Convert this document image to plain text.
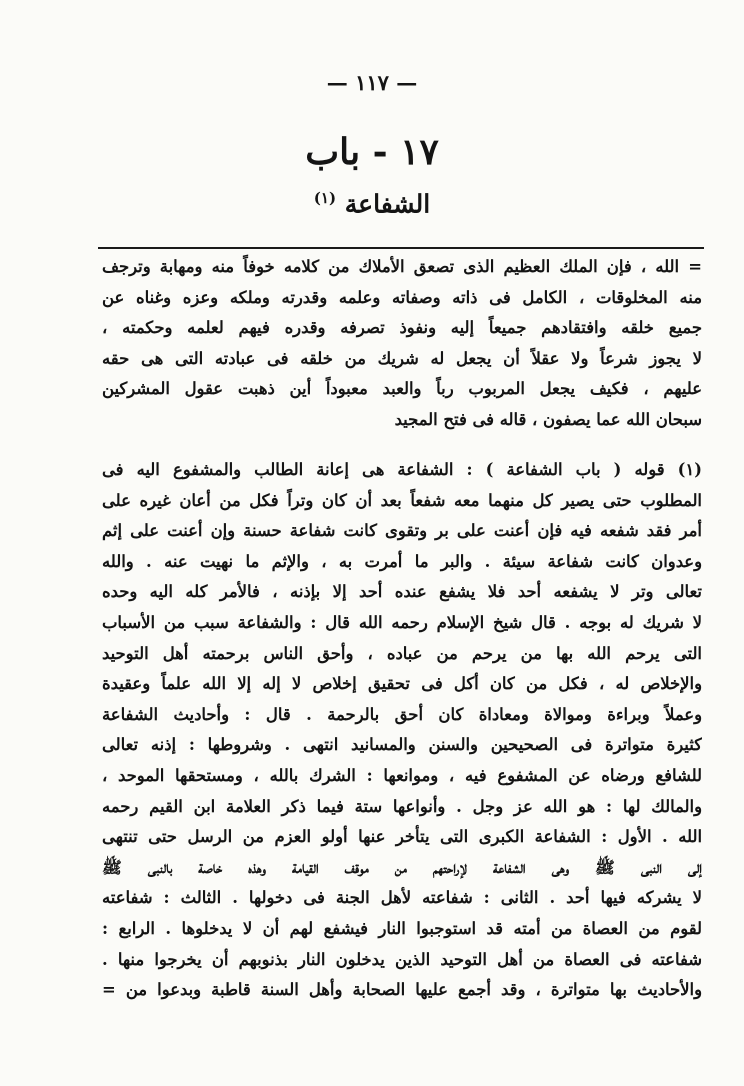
— ١١٧ —
١٧ - باب
الشفاعة $^{(١)}$
= الله ، فإن الملك العظيم الذى تصعق الأملاك من كلامه خوفاً منه ومهابة وترجف
منه المخلوقات ، الكامل فى ذاته وصفاته وعلمه وقدرته وملكه وعزه وغناه عن
جميع خلقه وافتقادهم جميعاً إليه ونفوذ تصرفه وقدره فيهم لعلمه وحكمته ،
لا يجوز شرعاً ولا عقلاً أن يجعل له شريك من خلقه فى عبادته التى هى حقه
عليهم ، فكيف يجعل المربوب رباً والعبد معبوداً أين ذهبت عقول المشركين
سبحان الله عما يصفون ، قاله فى فتح المجيد
(١) قوله ( باب الشفاعة ) : الشفاعة هى إعانة الطالب والمشفوع اليه فى
المطلوب حتى يصير كل منهما معه شفعاً بعد أن كان وتراً فكل من أعان غيره على
أمر فقد شفعه فيه فإن أعنت على بر وتقوى كانت شفاعة حسنة وإن أعنت على إثم
وعدوان كانت شفاعة سيئة . والبر ما أمرت به ، والإثم ما نهيت عنه . والله
تعالى وتر لا يشفعه أحد فلا يشفع عنده أحد إلا بإذنه ، فالأمر كله اليه وحده
لا شريك له بوجه . قال شيخ الإسلام رحمه الله قال : والشفاعة سبب من الأسباب
التى يرحم الله بها من يرحم من عباده ، وأحق الناس برحمته أهل التوحيد
والإخلاص له ، فكل من كان أكل فى تحقيق إخلاص لا إله إلا الله علماً وعقيدة
وعملاً وبراءة وموالاة ومعاداة كان أحق بالرحمة . قال : وأحاديث الشفاعة
كثيرة متواترة فى الصحيحين والسنن والمسانيد انتهى . وشروطها : إذنه تعالى
للشافع ورضاه عن المشفوع فيه ، وموانعها : الشرك بالله ، ومستحقها الموحد ،
والمالك لها : هو الله عز وجل . وأنواعها ستة فيما ذكر العلامة ابن القيم رحمه
الله . الأول : الشفاعة الكبرى التى يتأخر عنها أولو العزم من الرسل حتى تنتهى
إلى النبى ﷺ وهى الشفاعة لإراحتهم من موقف القيامة وهذه خاصة بالنبى ﷺ
لا يشركه فيها أحد . الثانى : شفاعته لأهل الجنة فى دخولها . الثالث : شفاعته
لقوم من العصاة من أمته قد استوجبوا النار فيشفع لهم أن لا يدخلوها . الرابع :
شفاعته فى العصاة من أهل التوحيد الذين يدخلون النار بذنوبهم أن يخرجوا منها .
والأحاديث بها متواترة ، وقد أجمع عليها الصحابة وأهل السنة قاطبة وبدعوا من =
